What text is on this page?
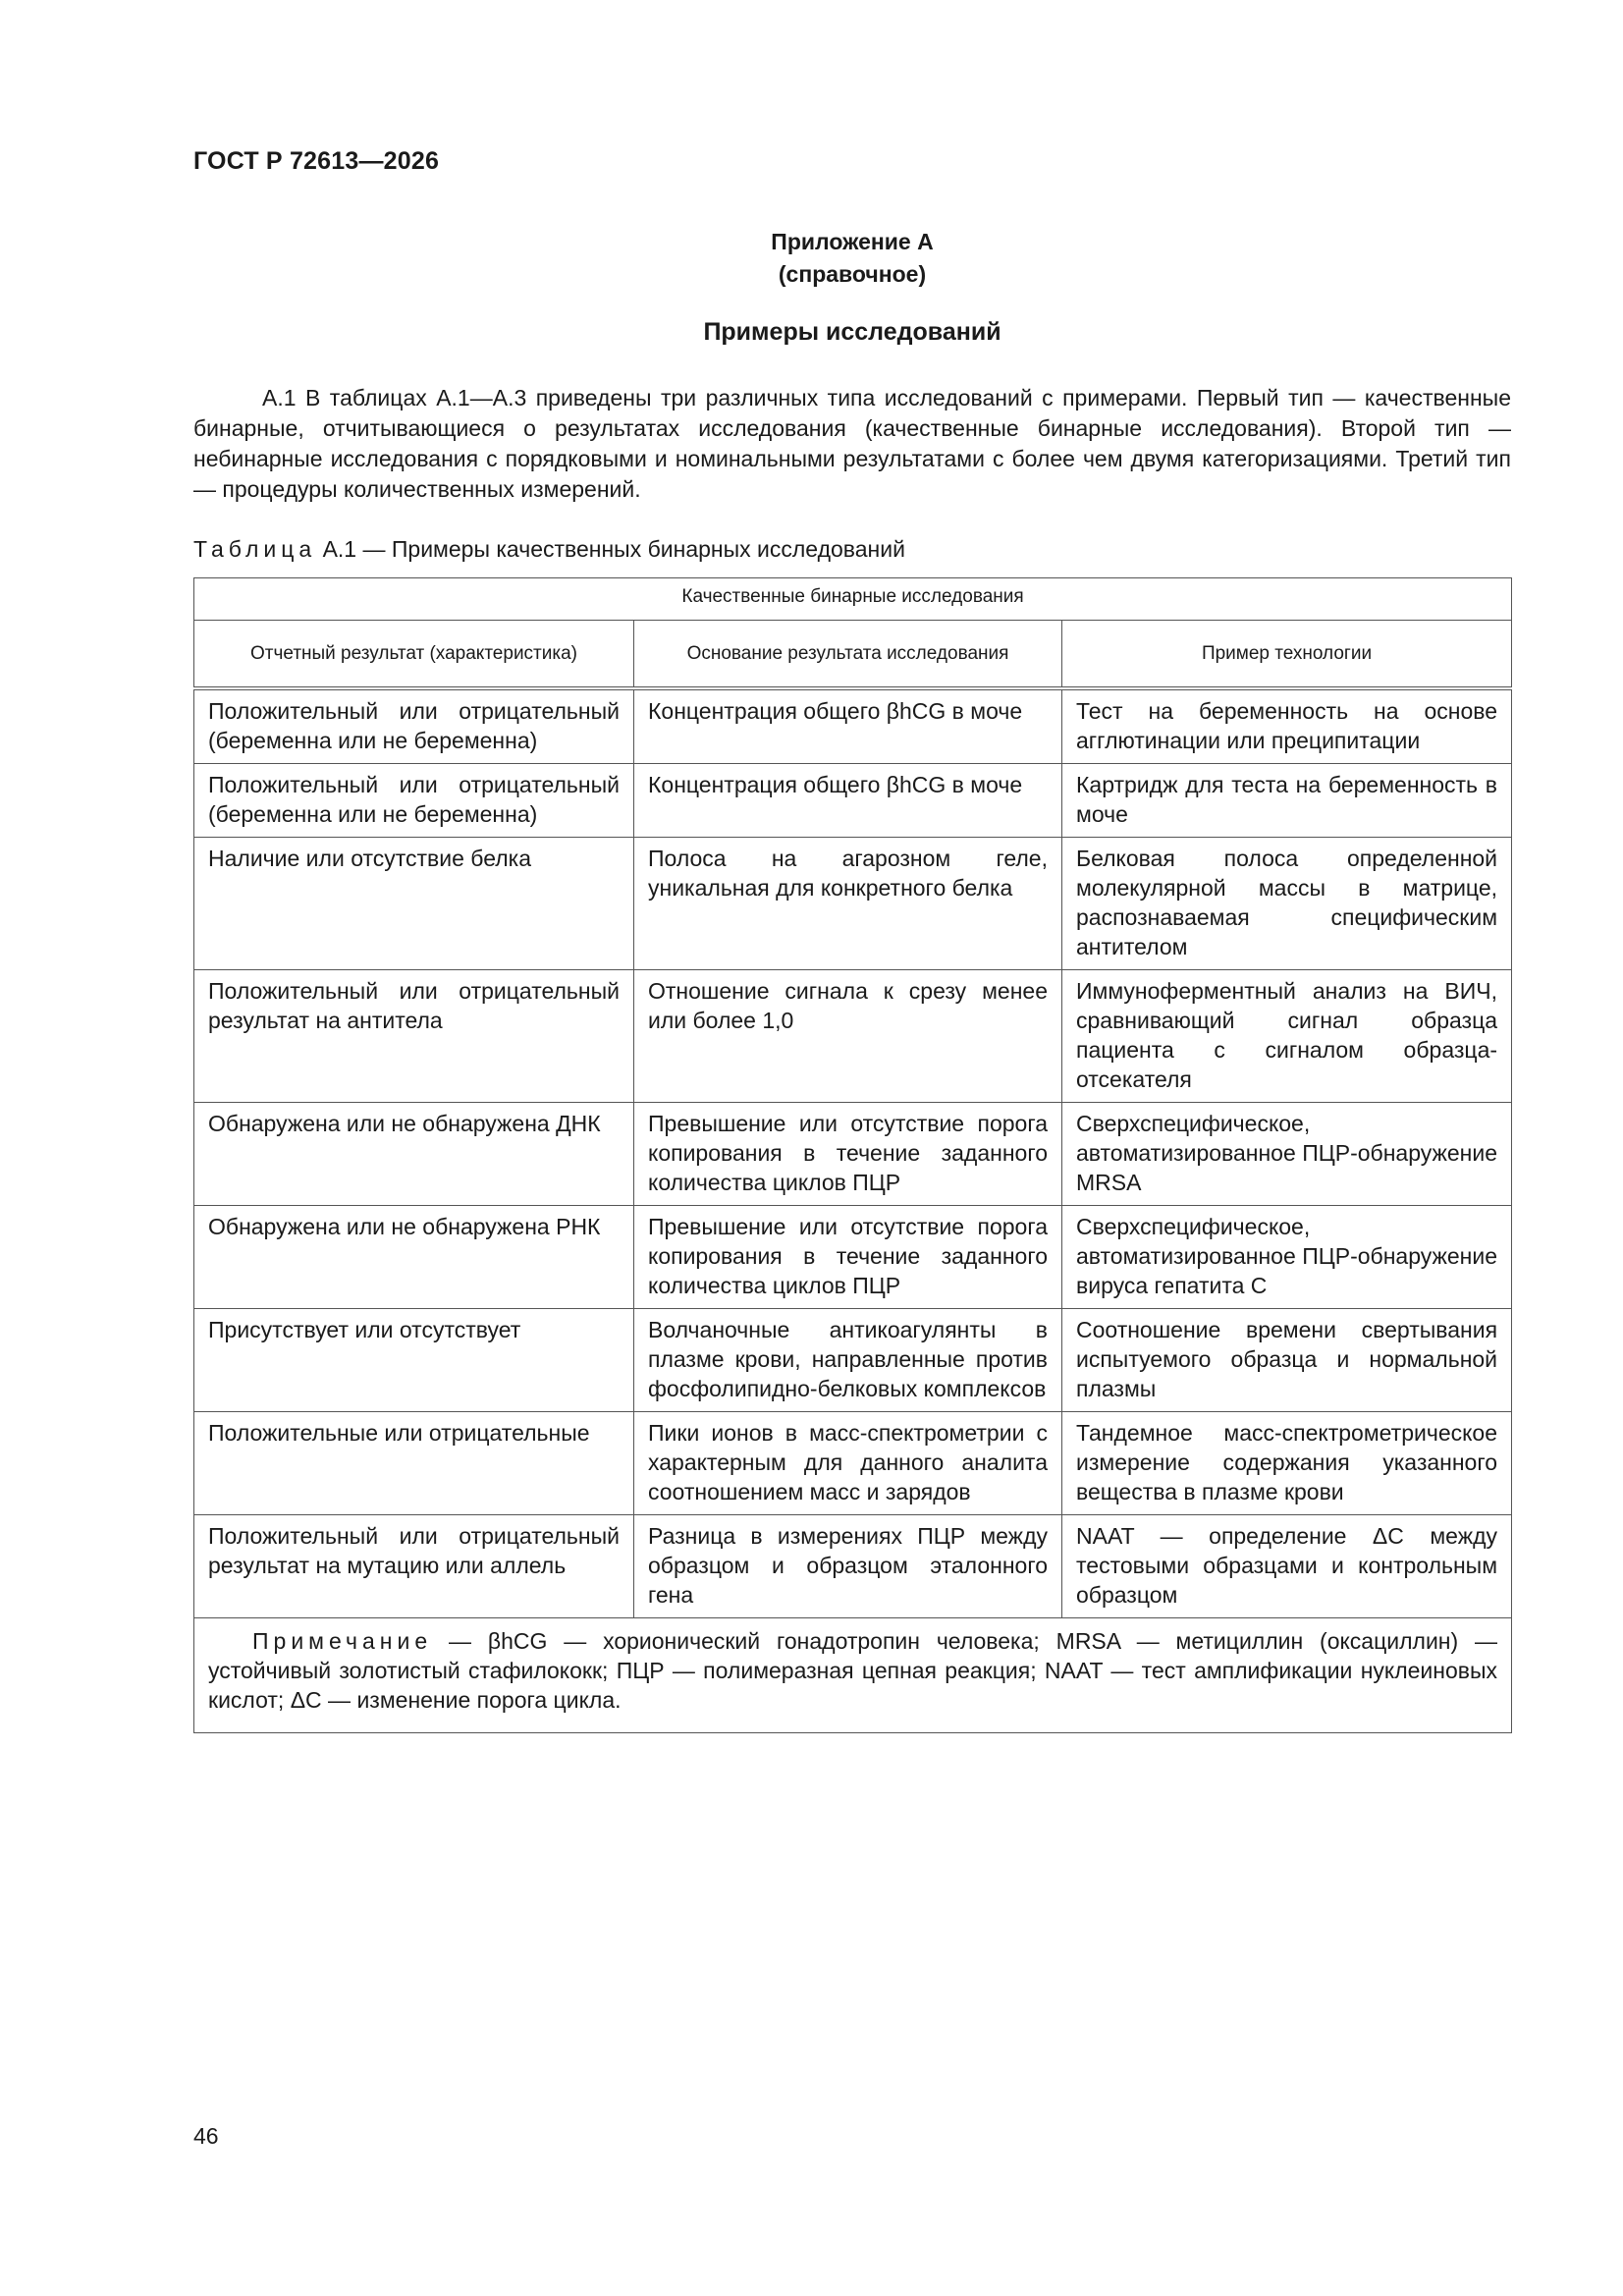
ГОСТ Р 72613—2026
Приложение А
(справочное)
Примеры исследований

А.1 В таблицах А.1—А.3 приведены три различных типа исследований с примерами. Первый тип — качественные бинарные, отчитывающиеся о результатах исследования (качественные бинарные исследования). Второй тип — небинарные исследования с порядковыми и номинальными результатами с более чем двумя категоризациями. Третий тип — процедуры количественных измерений.

Таблица А.1 — Примеры качественных бинарных исследований
Качественные бинарные исследования		
Отчетный результат (характеристика)	Основание результата исследования	Пример технологии
Положительный или отрицательный (беременна или не беременна)	Концентрация общего βhCG в моче	Тест на беременность на основе агглютинации или преципитации
Положительный или отрицательный (беременна или не беременна)	Концентрация общего βhCG в моче	Картридж для теста на беременность в моче
Наличие или отсутствие белка	Полоса на агарозном геле, уникальная для конкретного белка	Белковая полоса определенной молекулярной массы в матрице, распознаваемая специфическим антителом
Положительный или отрицательный результат на антитела	Отношение сигнала к срезу менее или более 1,0	Иммуноферментный анализ на ВИЧ, сравнивающий сигнал образца пациента с сигналом образца-отсекателя
Обнаружена или не обнаружена ДНК	Превышение или отсутствие порога копирования в течение заданного количества циклов ПЦР	Сверхспецифическое, автоматизированное ПЦР-обнаружение MRSA
Обнаружена или не обнаружена РНК	Превышение или отсутствие порога копирования в течение заданного количества циклов ПЦР	Сверхспецифическое, автоматизированное ПЦР-обнаружение вируса гепатита С
Присутствует или отсутствует	Волчаночные антикоагулянты в плазме крови, направленные против фосфолипидно-белковых комплексов	Соотношение времени свертывания испытуемого образца и нормальной плазмы
Положительные или отрицательные	Пики ионов в масс-спектрометрии с характерным для данного аналита соотношением масс и зарядов	Тандемное масс-спектрометрическое измерение содержания указанного вещества в плазме крови
Положительный или отрицательный результат на мутацию или аллель	Разница в измерениях ПЦР между образцом и образцом эталонного гена	NAAT — определение ΔC между тестовыми образцами и контрольным образцом
Примечание — βhCG — хорионический гонадотропин человека; MRSA — метициллин (оксациллин) — устойчивый золотистый стафилококк; ПЦР — полимеразная цепная реакция; NAAT — тест амплификации нуклеиновых кислот; ΔC — изменение порога цикла.		
46
